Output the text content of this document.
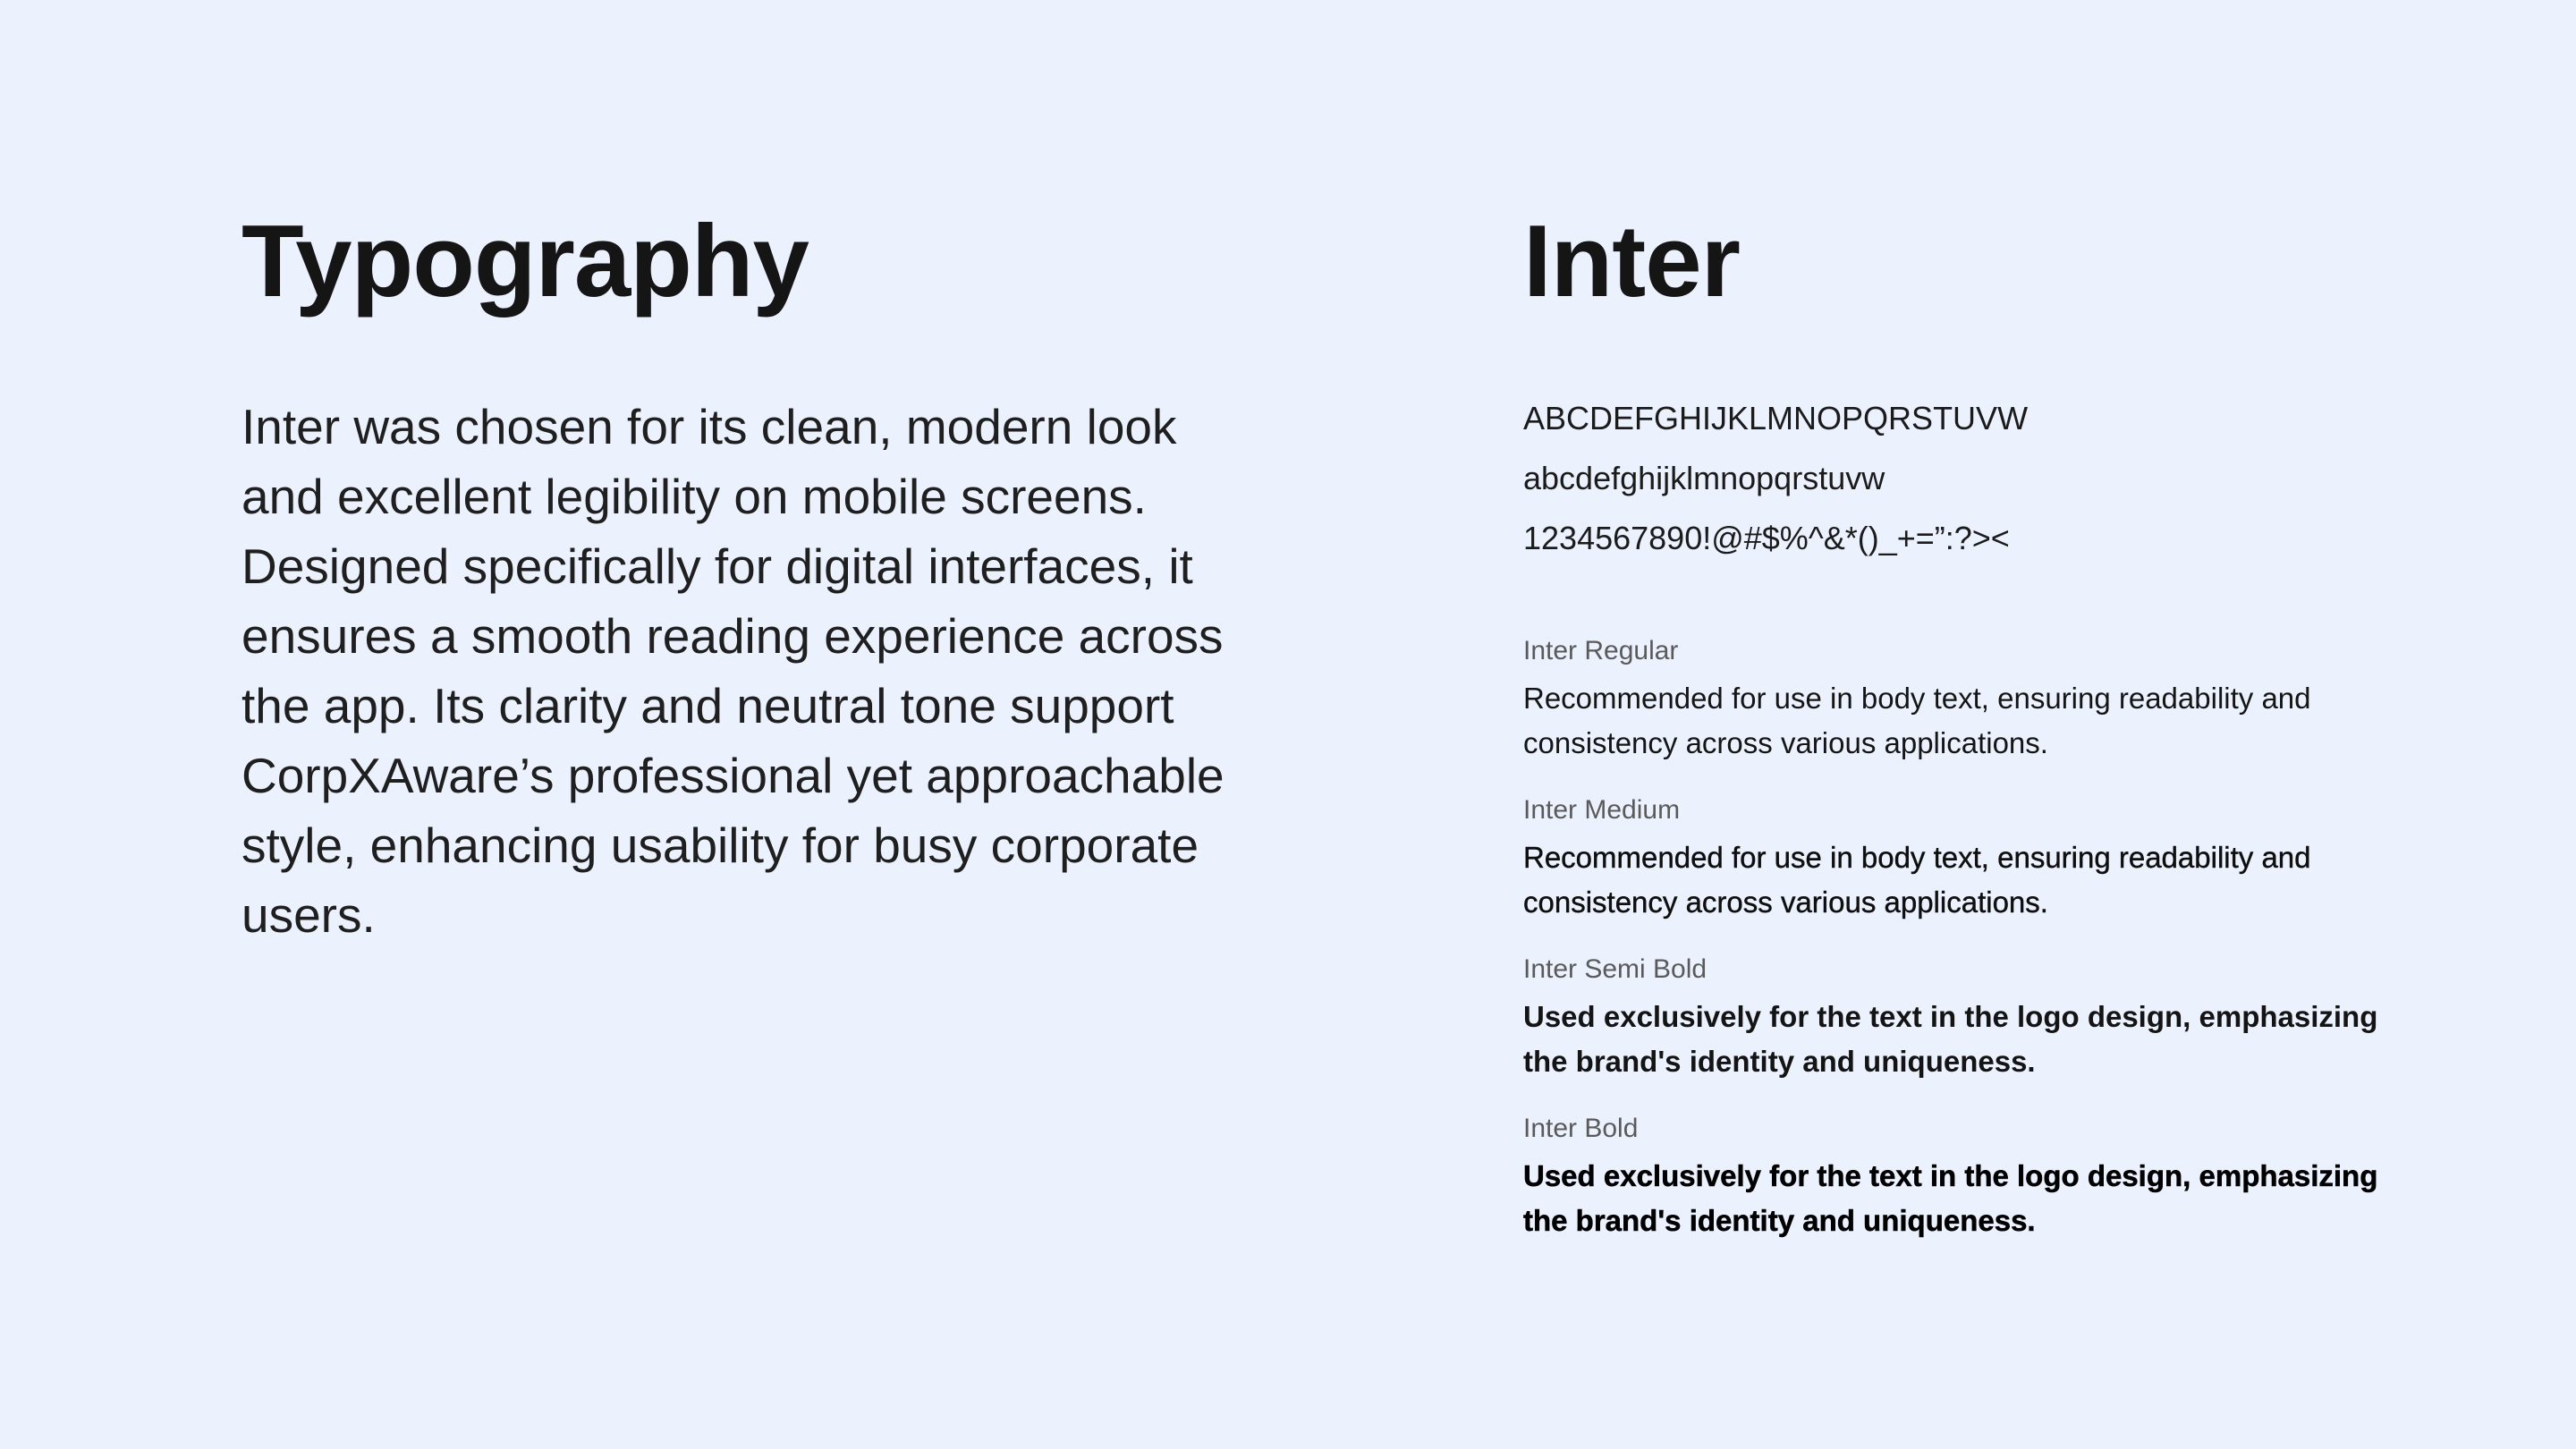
Typography

Inter was chosen for its clean, modern look and excellent legibility on mobile screens. Designed specifically for digital interfaces, it ensures a smooth reading experience across the app. Its clarity and neutral tone support CorpXAware’s professional yet approachable style, enhancing usability for busy corporate users.

Inter
ABCDEFGHIJKLMNOPQRSTUVW
abcdefghijklmnopqrstuvw
1234567890!@#$%^&*()_+=”:?><
Inter Regular
Recommended for use in body text, ensuring readability and consistency across various applications.
Inter Medium
Recommended for use in body text, ensuring readability and consistency across various applications.
Inter Semi Bold
Used exclusively for the text in the logo design, emphasizing the brand's identity and uniqueness.
Inter Bold
Used exclusively for the text in the logo design, emphasizing the brand's identity and uniqueness.
